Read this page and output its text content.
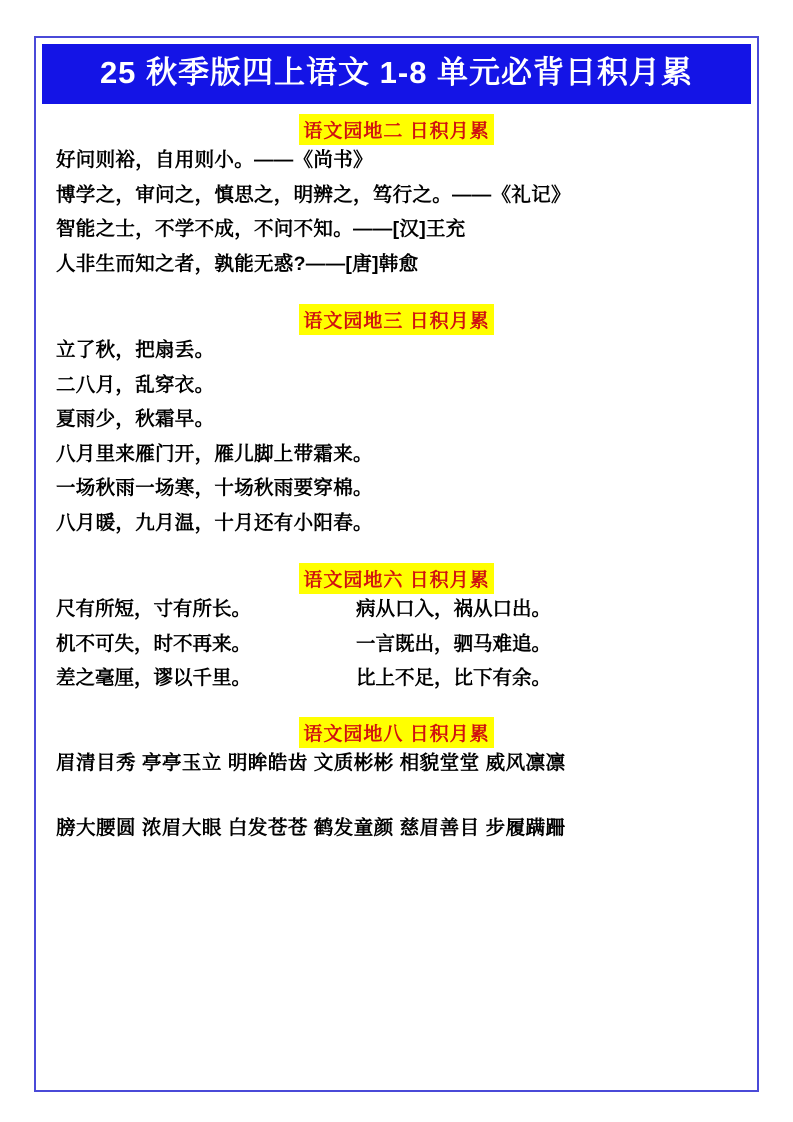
25 秋季版四上语文 1-8 单元必背日积月累
语文园地二 日积月累

好问则裕，自用则小。——《尚书》

博学之，审问之，慎思之，明辨之，笃行之。——《礼记》

智能之士，不学不成，不问不知。——[汉]王充

人非生而知之者，孰能无惑?——[唐]韩愈

语文园地三 日积月累

立了秋，把扇丢。

二八月，乱穿衣。

夏雨少，秋霜早。

八月里来雁门开，雁儿脚上带霜来。

一场秋雨一场寒，十场秋雨要穿棉。

八月暖，九月温，十月还有小阳春。

语文园地六 日积月累
尺有所短，寸有所长。	病从口入，祸从口出。
机不可失，时不再来。	一言既出，驷马难追。
差之毫厘，谬以千里。	比上不足，比下有余。
语文园地八 日积月累

眉清目秀 亭亭玉立 明眸皓齿 文质彬彬 相貌堂堂 威风凛凛

膀大腰圆 浓眉大眼 白发苍苍 鹤发童颜 慈眉善目 步履蹒跚
